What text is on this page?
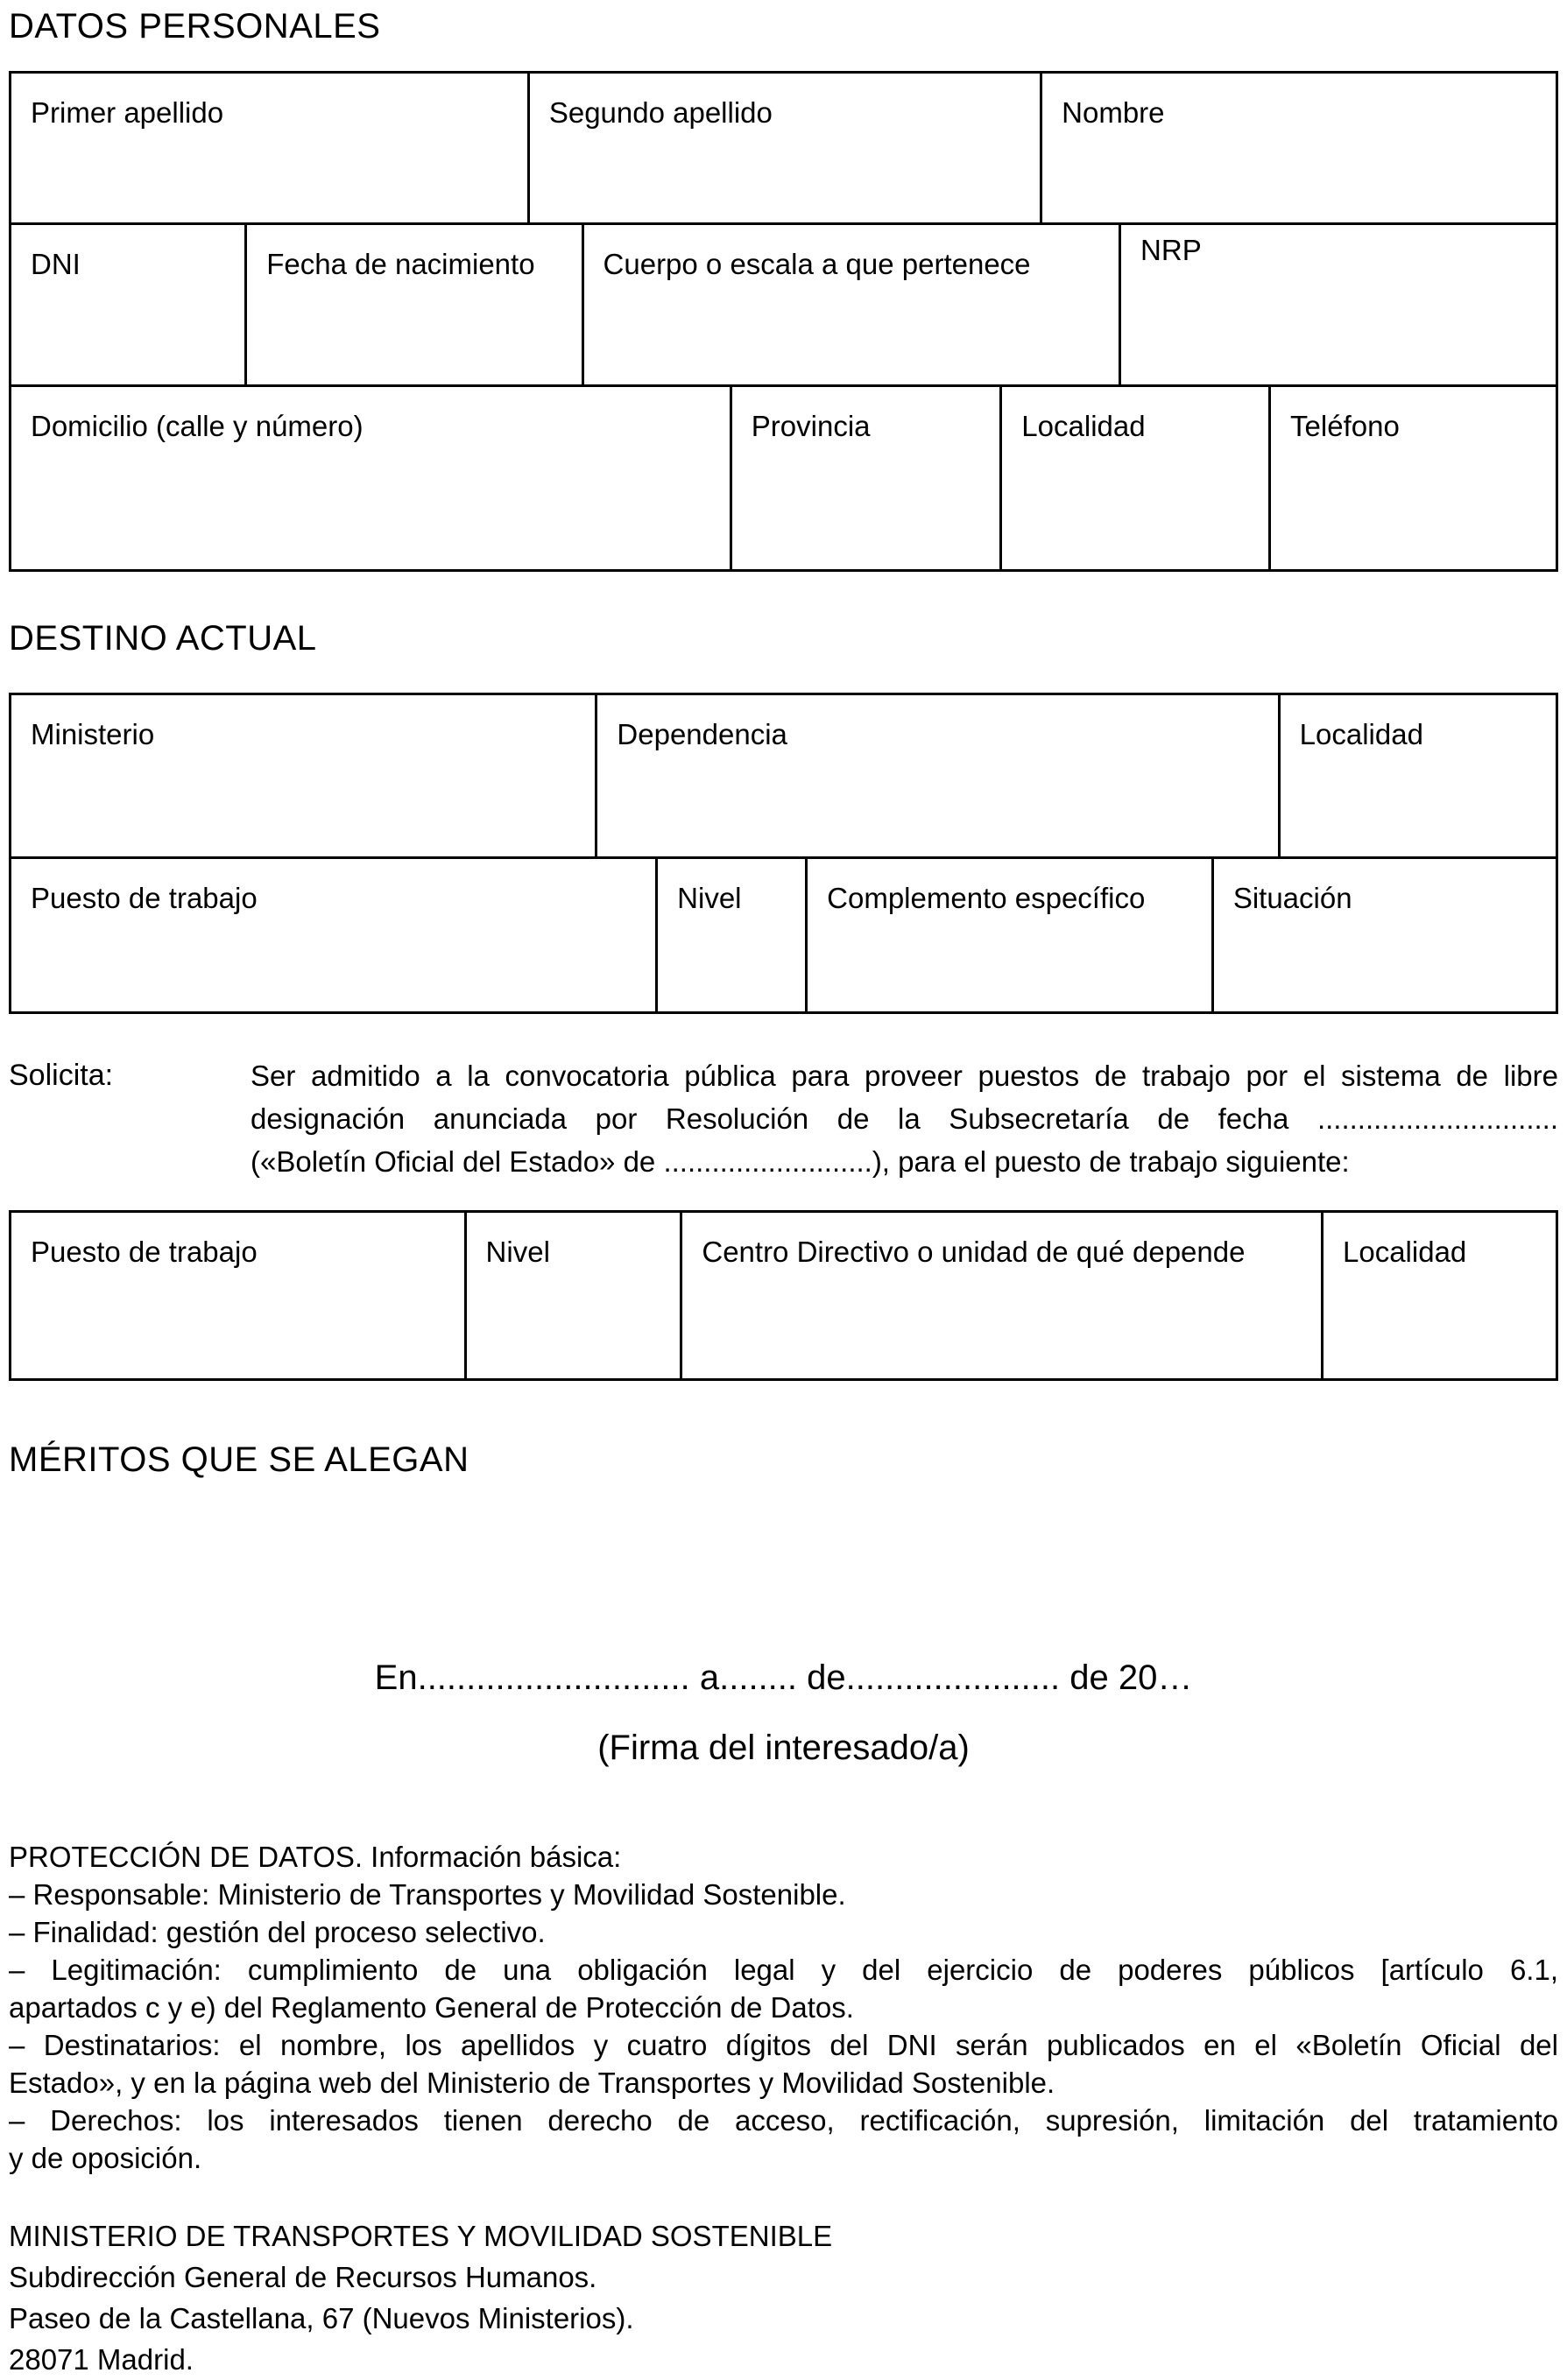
DATOS PERSONALES
Primer apellido	Segundo apellido	Nombre
DNI	Fecha de nacimiento	Cuerpo o escala a que pertenece	NRP
Domicilio (calle y número)	Provincia	Localidad	Teléfono
DESTINO ACTUAL
Ministerio	Dependencia	Localidad
Puesto de trabajo	Nivel	Complemento específico	Situación
Solicita:	Ser admitido a la convocatoria pública para proveer puestos de trabajo por el sistema de libre
designación anunciada por Resolución de la Subsecretaría de fecha ..............................
(«Boletín Oficial del Estado» de ..........................), para el puesto de trabajo siguiente:
Puesto de trabajo	Nivel	Centro Directivo o unidad de qué depende	Localidad
MÉRITOS QUE SE ALEGAN
En............................ a........ de...................... de 20…
(Firma del interesado/a)
PROTECCIÓN DE DATOS. Información básica:
– Responsable: Ministerio de Transportes y Movilidad Sostenible.
– Finalidad: gestión del proceso selectivo.
– Legitimación: cumplimiento de una obligación legal y del ejercicio de poderes públicos [artículo 6.1,
apartados c y e) del Reglamento General de Protección de Datos.
– Destinatarios: el nombre, los apellidos y cuatro dígitos del DNI serán publicados en el «Boletín Oficial del
Estado», y en la página web del Ministerio de Transportes y Movilidad Sostenible.
– Derechos: los interesados tienen derecho de acceso, rectificación, supresión, limitación del tratamiento
y de oposición.
MINISTERIO DE TRANSPORTES Y MOVILIDAD SOSTENIBLE
Subdirección General de Recursos Humanos.
Paseo de la Castellana, 67 (Nuevos Ministerios).
28071 Madrid.
